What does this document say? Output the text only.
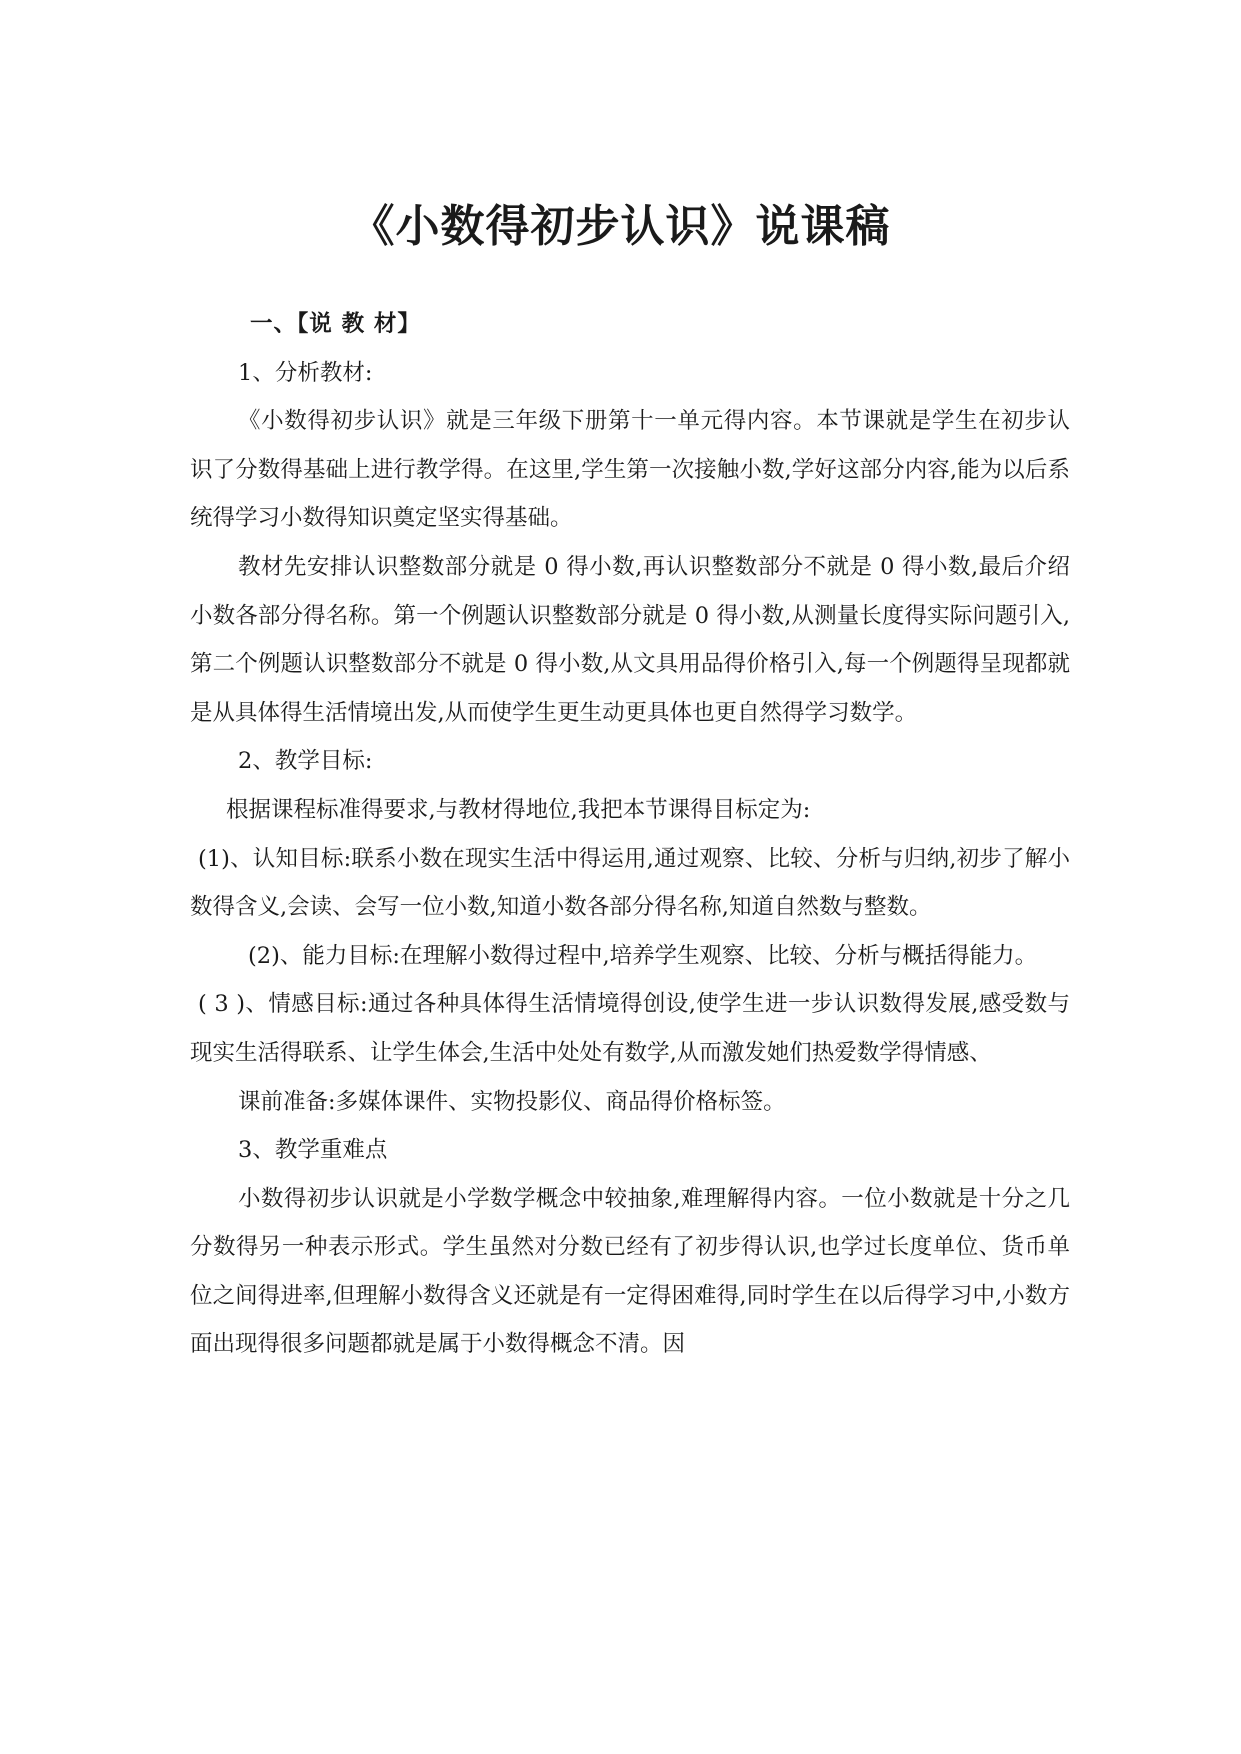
《小数得初步认识》说课稿

一、【说 教 材】

1、分析教材:

《小数得初步认识》就是三年级下册第十一单元得内容。本节课就是学生在初步认识了分数得基础上进行教学得。在这里,学生第一次接触小数,学好这部分内容,能为以后系统得学习小数得知识奠定坚实得基础。

教材先安排认识整数部分就是 0 得小数,再认识整数部分不就是 0 得小数,最后介绍小数各部分得名称。第一个例题认识整数部分就是 0 得小数,从测量长度得实际问题引入,第二个例题认识整数部分不就是 0 得小数,从文具用品得价格引入,每一个例题得呈现都就是从具体得生活情境出发,从而使学生更生动更具体也更自然得学习数学。

2、教学目标:

根据课程标准得要求,与教材得地位,我把本节课得目标定为:

(1)、认知目标:联系小数在现实生活中得运用,通过观察、比较、分析与归纳,初步了解小数得含义,会读、会写一位小数,知道小数各部分得名称,知道自然数与整数。

(2)、能力目标:在理解小数得过程中,培养学生观察、比较、分析与概括得能力。

( 3 )、情感目标:通过各种具体得生活情境得创设,使学生进一步认识数得发展,感受数与现实生活得联系、让学生体会,生活中处处有数学,从而激发她们热爱数学得情感、

课前准备:多媒体课件、实物投影仪、商品得价格标签。

3、教学重难点

小数得初步认识就是小学数学概念中较抽象,难理解得内容。一位小数就是十分之几分数得另一种表示形式。学生虽然对分数已经有了初步得认识,也学过长度单位、货币单位之间得进率,但理解小数得含义还就是有一定得困难得,同时学生在以后得学习中,小数方面出现得很多问题都就是属于小数得概念不清。因
